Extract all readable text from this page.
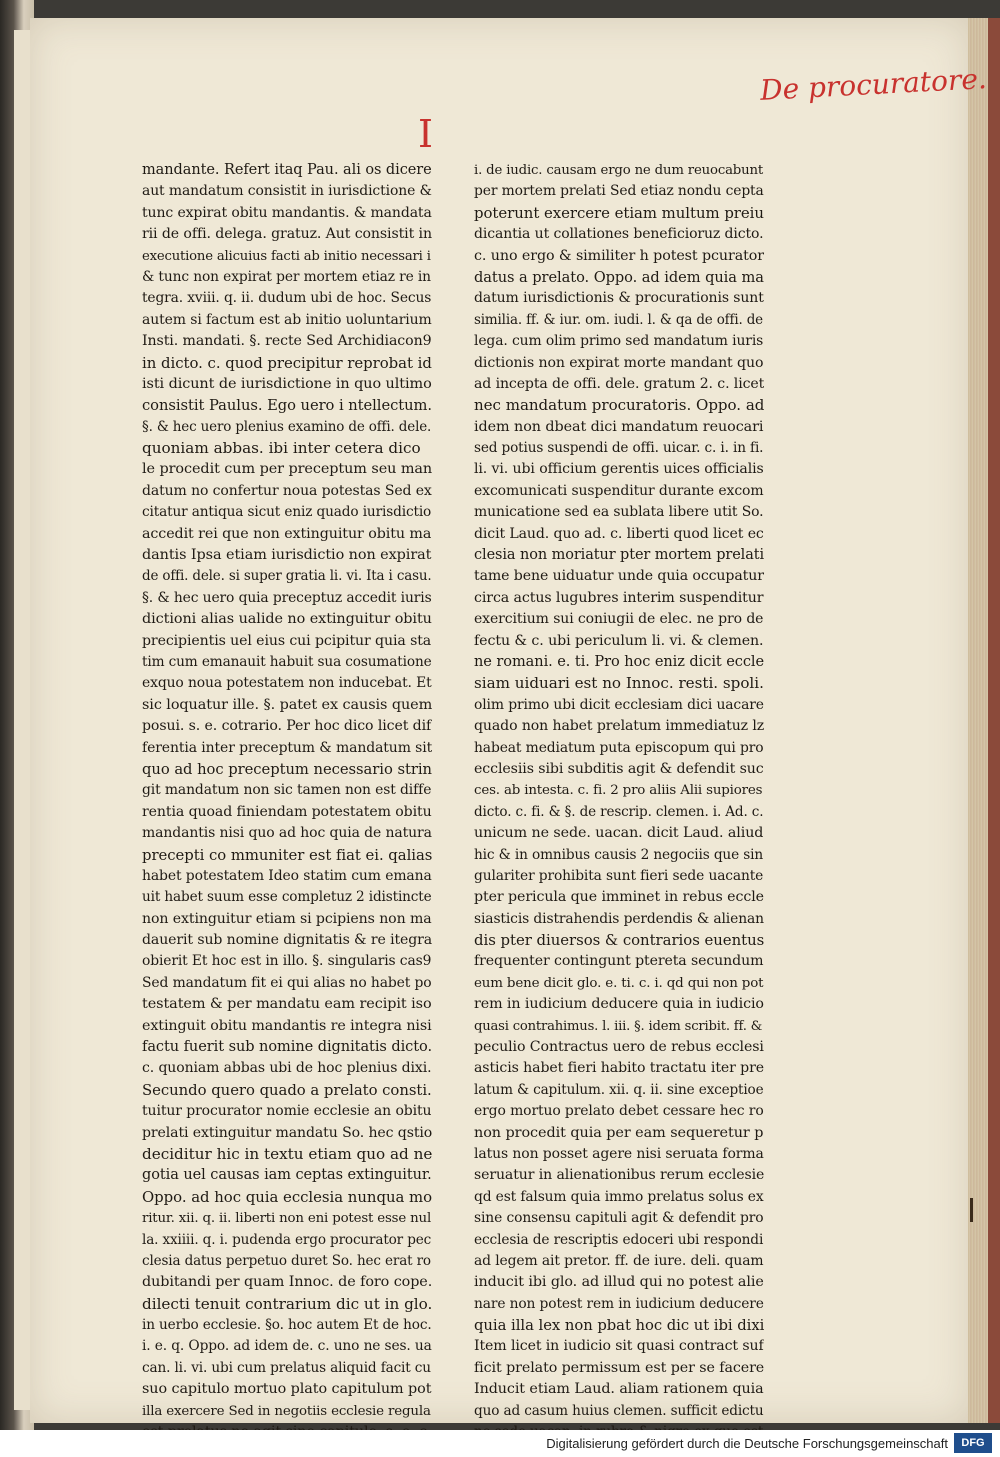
De procuratore.
I
mandante. Refert itaq Pau. ali os dicere
aut mandatum consistit in iurisdictione &
tunc expirat obitu mandantis. & mandata
rii de offi. delega. gratuz. Aut consistit in
executione alicuius facti ab initio necessari i
& tunc non expirat per mortem etiaz re in
tegra. xviii. q. ii. dudum ubi de hoc. Secus
autem si factum est ab initio uoluntarium
Insti. mandati. §. recte Sed Archidiacon9
in dicto. c. quod precipitur reprobat id
isti dicunt de iurisdictione in quo ultimo
consistit Paulus. Ego uero i ntellectum.
§. & hec uero plenius examino de offi. dele.
quoniam abbas. ibi inter cetera dico
le procedit cum per preceptum seu man
datum no confertur noua potestas Sed ex
citatur antiqua sicut eniz quado iurisdictio
accedit rei que non extinguitur obitu ma
dantis Ipsa etiam iurisdictio non expirat
de offi. dele. si super gratia li. vi. Ita i casu.
§. & hec uero quia preceptuz accedit iuris
dictioni alias ualide no extinguitur obitu
precipientis uel eius cui pcipitur quia sta
tim cum emanauit habuit sua cosumatione
exquo noua potestatem non inducebat. Et
sic loquatur ille. §. patet ex causis quem
posui. s. e. cotrario. Per hoc dico licet dif
ferentia inter preceptum & mandatum sit
quo ad hoc preceptum necessario strin
git mandatum non sic tamen non est diffe
rentia quoad finiendam potestatem obitu
mandantis nisi quo ad hoc quia de natura
precepti co mmuniter est fiat ei. qalias
habet potestatem Ideo statim cum emana
uit habet suum esse completuz 2 idistincte
non extinguitur etiam si pcipiens non ma
dauerit sub nomine dignitatis & re itegra
obierit Et hoc est in illo. §. singularis cas9
Sed mandatum fit ei qui alias no habet po
testatem & per mandatu eam recipit iso
extinguit obitu mandantis re integra nisi
factu fuerit sub nomine dignitatis dicto.
c. quoniam abbas ubi de hoc plenius dixi.
Secundo quero quado a prelato consti.
tuitur procurator nomie ecclesie an obitu
prelati extinguitur mandatu So. hec qstio
deciditur hic in textu etiam quo ad ne
gotia uel causas iam ceptas extinguitur.
Oppo. ad hoc quia ecclesia nunqua mo
ritur. xii. q. ii. liberti non eni potest esse nul
la. xxiiii. q. i. pudenda ergo procurator pec
clesia datus perpetuo duret So. hec erat ro
dubitandi per quam Innoc. de foro cope.
dilecti tenuit contrarium dic ut in glo.
in uerbo ecclesie. §o. hoc autem Et de hoc.
i. e. q. Oppo. ad idem de. c. uno ne ses. ua
can. li. vi. ubi cum prelatus aliquid facit cu
suo capitulo mortuo plato capitulum pot
illa exercere Sed in negotiis ecclesie regula
i. de iudic. causam ergo ne dum reuocabunt
per mortem prelati Sed etiaz nondu cepta
poterunt exercere etiam multum preiu
dicantia ut collationes beneficioruz dicto.
c. uno ergo & similiter h potest pcurator
datus a prelato. Oppo. ad idem quia ma
datum iurisdictionis & procurationis sunt
similia. ff. & iur. om. iudi. l. & qa de offi. de
lega. cum olim primo sed mandatum iuris
dictionis non expirat morte mandant quo
ad incepta de offi. dele. gratum 2. c. licet
nec mandatum procuratoris. Oppo. ad
idem non dbeat dici mandatum reuocari
sed potius suspendi de offi. uicar. c. i. in fi.
li. vi. ubi officium gerentis uices officialis
excomunicati suspenditur durante excom
municatione sed ea sublata libere utit So.
dicit Laud. quo ad. c. liberti quod licet ec
clesia non moriatur pter mortem prelati
tame bene uiduatur unde quia occupatur
circa actus lugubres interim suspenditur
exercitium sui coniugii de elec. ne pro de
fectu & c. ubi periculum li. vi. & clemen.
ne romani. e. ti. Pro hoc eniz dicit eccle
siam uiduari est no Innoc. resti. spoli.
olim primo ubi dicit ecclesiam dici uacare
quado non habet prelatum immediatuz lz
habeat mediatum puta episcopum qui pro
ecclesiis sibi subditis agit & defendit suc
ces. ab intesta. c. fi. 2 pro aliis Alii supiores
dicto. c. fi. & §. de rescrip. clemen. i. Ad. c.
unicum ne sede. uacan. dicit Laud. aliud
hic & in omnibus causis 2 negociis que sin
gulariter prohibita sunt fieri sede uacante
pter pericula que imminet in rebus eccle
siasticis distrahendis perdendis & alienan
dis pter diuersos & contrarios euentus
frequenter contingunt ptereta secundum
eum bene dicit glo. e. ti. c. i. qd qui non pot
rem in iudicium deducere quia in iudicio
quasi contrahimus. l. iii. §. idem scribit. ff. &
peculio Contractus uero de rebus ecclesi
asticis habet fieri habito tractatu iter pre
latum & capitulum. xii. q. ii. sine exceptioe
ergo mortuo prelato debet cessare hec ro
non procedit quia per eam sequeretur p
latus non posset agere nisi seruata forma
seruatur in alienationibus rerum ecclesie
qd est falsum quia immo prelatus solus ex
sine consensu capituli agit & defendit pro
ecclesia de rescriptis edoceri ubi respondi
ad legem ait pretor. ff. de iure. deli. quam
inducit ibi glo. ad illud qui no potest alie
nare non potest rem in iudicium deducere
quia illa lex non pbat hoc dic ut ibi dixi
Item licet in iudicio sit quasi contract suf
ficit prelato permissum est per se facere
Inducit etiam Laud. aliam rationem quia
quo ad casum huius clemen. sufficit edictu
Digitalisierung gefördert durch die Deutsche Forschungsgemeinschaft	DFG
